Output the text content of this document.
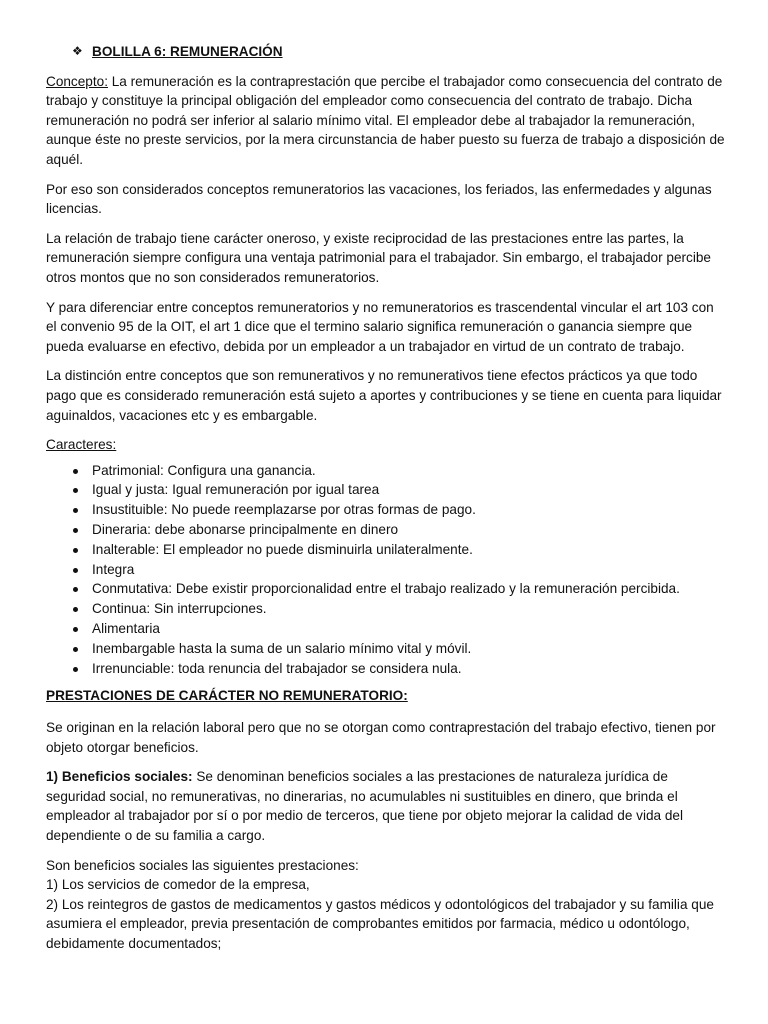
❖ BOLILLA 6: REMUNERACIÓN

Concepto: La remuneración es la contraprestación que percibe el trabajador como consecuencia del contrato de trabajo y constituye la principal obligación del empleador como consecuencia del contrato de trabajo. Dicha remuneración no podrá ser inferior al salario mínimo vital. El empleador debe al trabajador la remuneración, aunque éste no preste servicios, por la mera circunstancia de haber puesto su fuerza de trabajo a disposición de aquél.

Por eso son considerados conceptos remuneratorios las vacaciones, los feriados, las enfermedades y algunas licencias.

La relación de trabajo tiene carácter oneroso, y existe reciprocidad de las prestaciones entre las partes, la remuneración siempre configura una ventaja patrimonial para el trabajador. Sin embargo, el trabajador percibe otros montos que no son considerados remuneratorios.

Y para diferenciar entre conceptos remuneratorios y no remuneratorios es trascendental vincular el art 103 con el convenio 95 de la OIT, el art 1 dice que el termino salario significa remuneración o ganancia siempre que pueda evaluarse en efectivo, debida por un empleador a un trabajador en virtud de un contrato de trabajo.

La distinción entre conceptos que son remunerativos y no remunerativos tiene efectos prácticos ya que todo pago que es considerado remuneración está sujeto a aportes y contribuciones y se tiene en cuenta para liquidar aguinaldos, vacaciones etc y es embargable.

Caracteres:

Patrimonial: Configura una ganancia.
Igual y justa: Igual remuneración por igual tarea
Insustituible: No puede reemplazarse por otras formas de pago.
Dineraria: debe abonarse principalmente en dinero
Inalterable: El empleador no puede disminuirla unilateralmente.
Integra
Conmutativa: Debe existir proporcionalidad entre el trabajo realizado y la remuneración percibida.
Continua: Sin interrupciones.
Alimentaria
Inembargable hasta la suma de un salario mínimo vital y móvil.
Irrenunciable: toda renuncia del trabajador se considera nula.

PRESTACIONES DE CARÁCTER NO REMUNERATORIO:

Se originan en la relación laboral pero que no se otorgan como contraprestación del trabajo efectivo, tienen por objeto otorgar beneficios.

1) Beneficios sociales: Se denominan beneficios sociales a las prestaciones de naturaleza jurídica de seguridad social, no remunerativas, no dinerarias, no acumulables ni sustituibles en dinero, que brinda el empleador al trabajador por sí o por medio de terceros, que tiene por objeto mejorar la calidad de vida del dependiente o de su familia a cargo.

Son beneficios sociales las siguientes prestaciones:

1) Los servicios de comedor de la empresa,

2) Los reintegros de gastos de medicamentos y gastos médicos y odontológicos del trabajador y su familia que asumiera el empleador, previa presentación de comprobantes emitidos por farmacia, médico u odontólogo, debidamente documentados;
